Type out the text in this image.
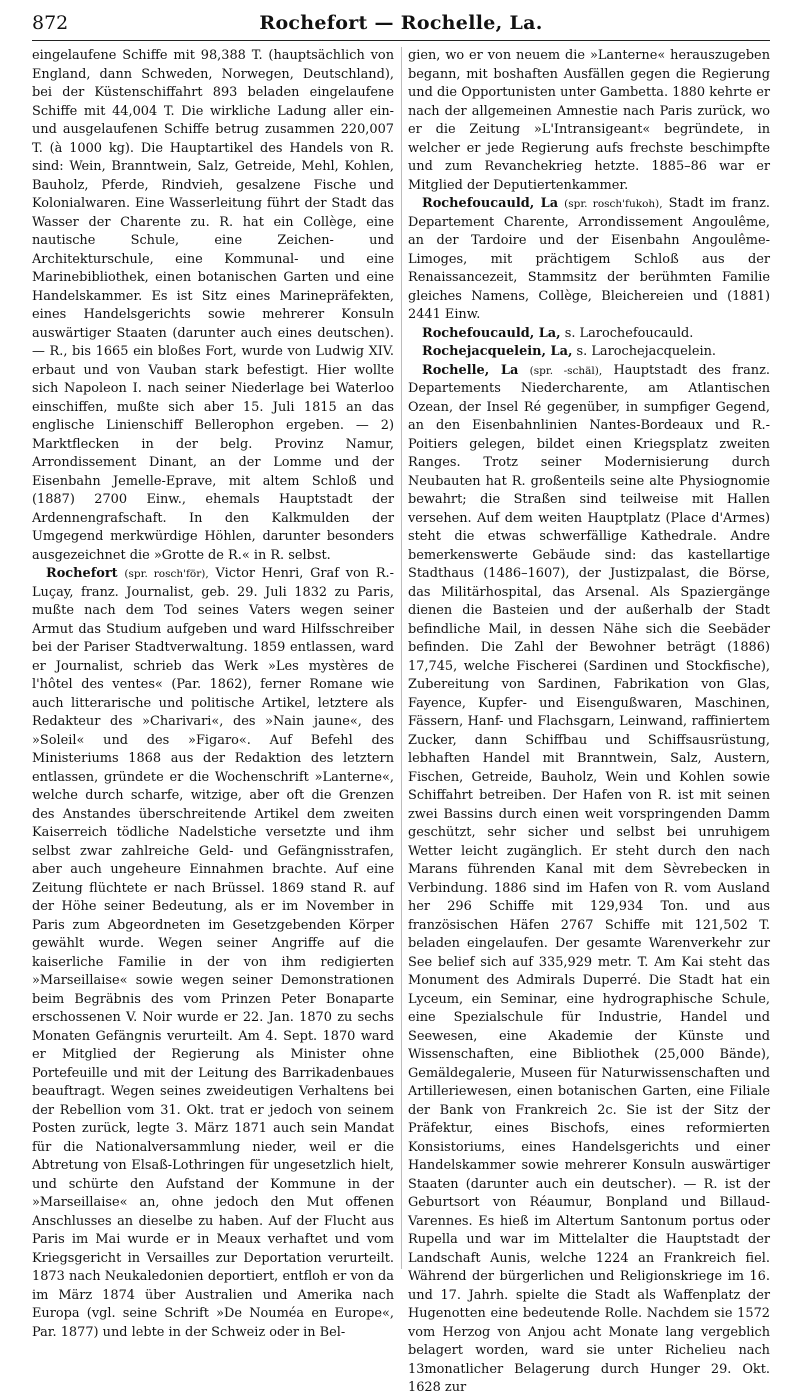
872	Rochefort — Rochelle, La.

eingelaufene Schiffe mit 98,388 T. (hauptsächlich von England, dann Schweden, Norwegen, Deutschland), bei der Küstenschiffahrt 893 beladen eingelaufene Schiffe mit 44,004 T. Die wirkliche Ladung aller ein- und ausgelaufenen Schiffe betrug zusammen 220,007 T. (à 1000 kg). Die Hauptartikel des Handels von R. sind: Wein, Branntwein, Salz, Getreide, Mehl, Kohlen, Bauholz, Pferde, Rindvieh, gesalzene Fische und Kolonialwaren. Eine Wasserleitung führt der Stadt das Wasser der Charente zu. R. hat ein Collège, eine nautische Schule, eine Zeichen- und Architekturschule, eine Kommunal- und eine Marinebibliothek, einen botanischen Garten und eine Handelskammer. Es ist Sitz eines Marinepräfekten, eines Handelsgerichts sowie mehrerer Konsuln auswärtiger Staaten (darunter auch eines deutschen). — R., bis 1665 ein bloßes Fort, wurde von Ludwig XIV. erbaut und von Vauban stark befestigt. Hier wollte sich Napoleon I. nach seiner Niederlage bei Waterloo einschiffen, mußte sich aber 15. Juli 1815 an das englische Linienschiff Bellerophon ergeben. — 2) Marktflecken in der belg. Provinz Namur, Arrondissement Dinant, an der Lomme und der Eisenbahn Jemelle-Eprave, mit altem Schloß und (1887) 2700 Einw., ehemals Hauptstadt der Ardennengrafschaft. In den Kalkmulden der Umgegend merkwürdige Höhlen, darunter besonders ausgezeichnet die »Grotte de R.« in R. selbst.

Rochefort (spr. rosch'för), Victor Henri, Graf von R.-Luçay, franz. Journalist, geb. 29. Juli 1832 zu Paris, mußte nach dem Tod seines Vaters wegen seiner Armut das Studium aufgeben und ward Hilfsschreiber bei der Pariser Stadtverwaltung. 1859 entlassen, ward er Journalist, schrieb das Werk »Les mystères de l'hôtel des ventes« (Par. 1862), ferner Romane wie auch litterarische und politische Artikel, letztere als Redakteur des »Charivari«, des »Nain jaune«, des »Soleil« und des »Figaro«. Auf Befehl des Ministeriums 1868 aus der Redaktion des letztern entlassen, gründete er die Wochenschrift »Lanterne«, welche durch scharfe, witzige, aber oft die Grenzen des Anstandes überschreitende Artikel dem zweiten Kaiserreich tödliche Nadelstiche versetzte und ihm selbst zwar zahlreiche Geld- und Gefängnisstrafen, aber auch ungeheure Einnahmen brachte. Auf eine Zeitung flüchtete er nach Brüssel. 1869 stand R. auf der Höhe seiner Bedeutung, als er im November in Paris zum Abgeordneten im Gesetzgebenden Körper gewählt wurde. Wegen seiner Angriffe auf die kaiserliche Familie in der von ihm redigierten »Marseillaise« sowie wegen seiner Demonstrationen beim Begräbnis des vom Prinzen Peter Bonaparte erschossenen V. Noir wurde er 22. Jan. 1870 zu sechs Monaten Gefängnis verurteilt. Am 4. Sept. 1870 ward er Mitglied der Regierung als Minister ohne Portefeuille und mit der Leitung des Barrikadenbaues beauftragt. Wegen seines zweideutigen Verhaltens bei der Rebellion vom 31. Okt. trat er jedoch von seinem Posten zurück, legte 3. März 1871 auch sein Mandat für die Nationalversammlung nieder, weil er die Abtretung von Elsaß-Lothringen für ungesetzlich hielt, und schürte den Aufstand der Kommune in der »Marseillaise« an, ohne jedoch den Mut offenen Anschlusses an dieselbe zu haben. Auf der Flucht aus Paris im Mai wurde er in Meaux verhaftet und vom Kriegsgericht in Versailles zur Deportation verurteilt. 1873 nach Neukaledonien deportiert, entfloh er von da im März 1874 über Australien und Amerika nach Europa (vgl. seine Schrift »De Nouméa en Europe«, Par. 1877) und lebte in der Schweiz oder in Bel-

gien, wo er von neuem die »Lanterne« herauszugeben begann, mit boshaften Ausfällen gegen die Regierung und die Opportunisten unter Gambetta. 1880 kehrte er nach der allgemeinen Amnestie nach Paris zurück, wo er die Zeitung »L'Intransigeant« begründete, in welcher er jede Regierung aufs frechste beschimpfte und zum Revanchekrieg hetzte. 1885–86 war er Mitglied der Deputiertenkammer.

Rochefoucauld, La (spr. rosch'fukoh), Stadt im franz. Departement Charente, Arrondissement Angoulême, an der Tardoire und der Eisenbahn Angoulême-Limoges, mit prächtigem Schloß aus der Renaissancezeit, Stammsitz der berühmten Familie gleiches Namens, Collège, Bleichereien und (1881) 2441 Einw.

Rochefoucauld, La, s. Larochefoucauld.

Rochejacquelein, La, s. Larochejacquelein.

Rochelle, La (spr. -schäl), Hauptstadt des franz. Departements Niedercharente, am Atlantischen Ozean, der Insel Ré gegenüber, in sumpfiger Gegend, an den Eisenbahnlinien Nantes-Bordeaux und R.-Poitiers gelegen, bildet einen Kriegsplatz zweiten Ranges. Trotz seiner Modernisierung durch Neubauten hat R. großenteils seine alte Physiognomie bewahrt; die Straßen sind teilweise mit Hallen versehen. Auf dem weiten Hauptplatz (Place d'Armes) steht die etwas schwerfällige Kathedrale. Andre bemerkenswerte Gebäude sind: das kastellartige Stadthaus (1486–1607), der Justizpalast, die Börse, das Militärhospital, das Arsenal. Als Spaziergänge dienen die Basteien und der außerhalb der Stadt befindliche Mail, in dessen Nähe sich die Seebäder befinden. Die Zahl der Bewohner beträgt (1886) 17,745, welche Fischerei (Sardinen und Stockfische), Zubereitung von Sardinen, Fabrikation von Glas, Fayence, Kupfer- und Eisengußwaren, Maschinen, Fässern, Hanf- und Flachsgarn, Leinwand, raffiniertem Zucker, dann Schiffbau und Schiffsausrüstung, lebhaften Handel mit Branntwein, Salz, Austern, Fischen, Getreide, Bauholz, Wein und Kohlen sowie Schiffahrt betreiben. Der Hafen von R. ist mit seinen zwei Bassins durch einen weit vorspringenden Damm geschützt, sehr sicher und selbst bei unruhigem Wetter leicht zugänglich. Er steht durch den nach Marans führenden Kanal mit dem Sèvrebecken in Verbindung. 1886 sind im Hafen von R. vom Ausland her 296 Schiffe mit 129,934 Ton. und aus französischen Häfen 2767 Schiffe mit 121,502 T. beladen eingelaufen. Der gesamte Warenverkehr zur See belief sich auf 335,929 metr. T. Am Kai steht das Monument des Admirals Duperré. Die Stadt hat ein Lyceum, ein Seminar, eine hydrographische Schule, eine Spezialschule für Industrie, Handel und Seewesen, eine Akademie der Künste und Wissenschaften, eine Bibliothek (25,000 Bände), Gemäldegalerie, Museen für Naturwissenschaften und Artilleriewesen, einen botanischen Garten, eine Filiale der Bank von Frankreich 2c. Sie ist der Sitz der Präfektur, eines Bischofs, eines reformierten Konsistoriums, eines Handelsgerichts und einer Handelskammer sowie mehrerer Konsuln auswärtiger Staaten (darunter auch ein deutscher). — R. ist der Geburtsort von Réaumur, Bonpland und Billaud-Varennes. Es hieß im Altertum Santonum portus oder Rupella und war im Mittelalter die Hauptstadt der Landschaft Aunis, welche 1224 an Frankreich fiel. Während der bürgerlichen und Religionskriege im 16. und 17. Jahrh. spielte die Stadt als Waffenplatz der Hugenotten eine bedeutende Rolle. Nachdem sie 1572 vom Herzog von Anjou acht Monate lang vergeblich belagert worden, ward sie unter Richelieu nach 13monatlicher Belagerung durch Hunger 29. Okt. 1628 zur
